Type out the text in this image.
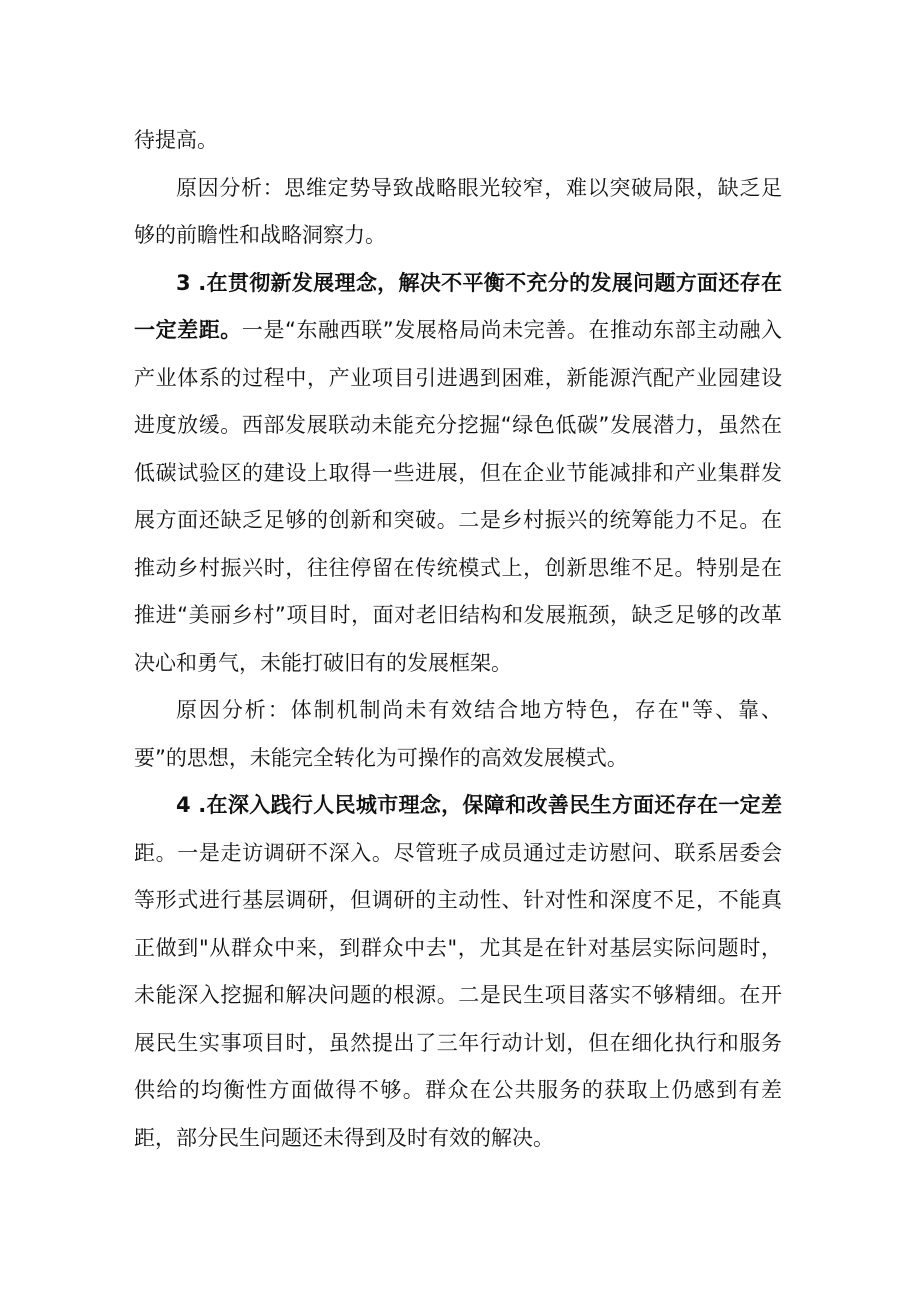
待提高。

原因分析：思维定势导致战略眼光较窄，难以突破局限，缺乏足够的前瞻性和战略洞察力。

3 .在贯彻新发展理念，解决不平衡不充分的发展问题方面还存在一定差距。一是“东融西联”发展格局尚未完善。在推动东部主动融入产业体系的过程中，产业项目引进遇到困难，新能源汽配产业园建设进度放缓。西部发展联动未能充分挖掘“绿色低碳”发展潜力，虽然在低碳试验区的建设上取得一些进展，但在企业节能减排和产业集群发展方面还缺乏足够的创新和突破。二是乡村振兴的统筹能力不足。在推动乡村振兴时，往往停留在传统模式上，创新思维不足。特别是在推进“美丽乡村”项目时，面对老旧结构和发展瓶颈，缺乏足够的改革决心和勇气，未能打破旧有的发展框架。

原因分析：体制机制尚未有效结合地方特色，存在"等、靠、要”的思想，未能完全转化为可操作的高效发展模式。

4 .在深入践行人民城市理念，保障和改善民生方面还存在一定差距。一是走访调研不深入。尽管班子成员通过走访慰问、联系居委会等形式进行基层调研，但调研的主动性、针对性和深度不足，不能真正做到"从群众中来，到群众中去"，尤其是在针对基层实际问题时，未能深入挖掘和解决问题的根源。二是民生项目落实不够精细。在开展民生实事项目时，虽然提出了三年行动计划，但在细化执行和服务供给的均衡性方面做得不够。群众在公共服务的获取上仍感到有差距，部分民生问题还未得到及时有效的解决。
